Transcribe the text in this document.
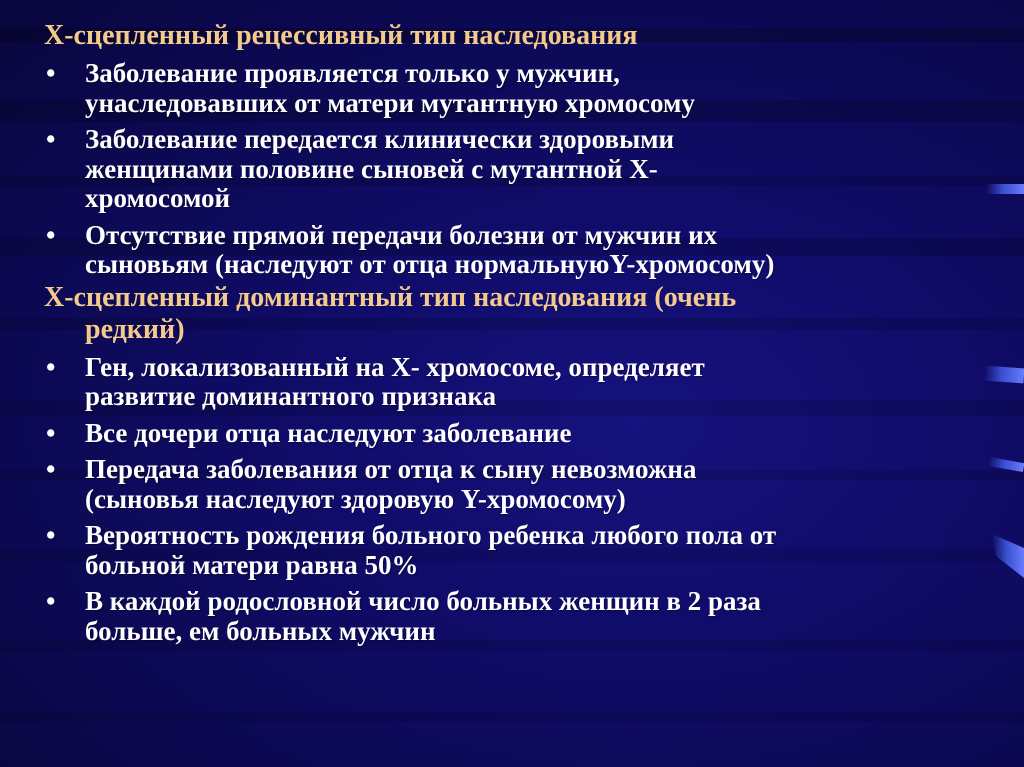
Х-сцепленный рецессивный тип наследования
• Заболевание проявляется только у мужчин,
унаследовавших от матери мутантную хромосому
• Заболевание передается клинически здоровыми
женщинами половине сыновей с мутантной Х-
хромосомой
• Отсутствие прямой передачи болезни от мужчин их
сыновьям (наследуют от отца нормальнуюY-хромосому)
Х-сцепленный доминантный тип наследования (очень
редкий)
• Ген, локализованный на Х- хромосоме, определяет
развитие доминантного признака
• Все дочери отца наследуют заболевание
• Передача заболевания от отца к сыну невозможна
(сыновья наследуют здоровую Y-хромосому)
• Вероятность рождения больного ребенка любого пола от
больной матери равна 50%
• В каждой родословной число больных женщин в 2 раза
больше, ем больных мужчин
